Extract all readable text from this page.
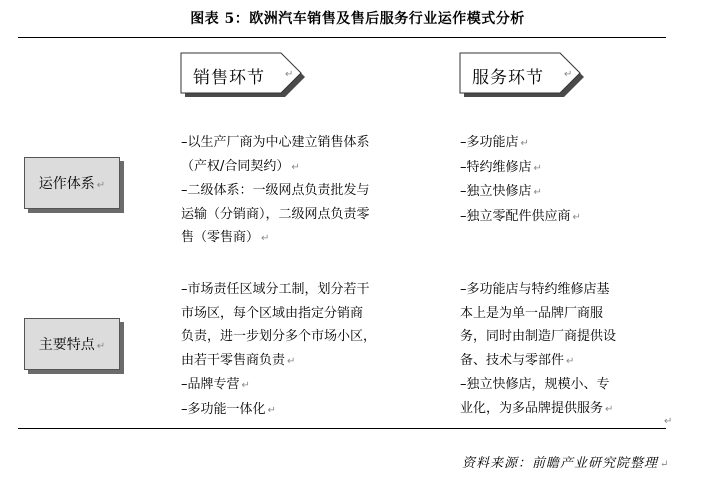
图表 5：欧洲汽车销售及售后服务行业运作模式分析
销售环节 ↵	服务环节 ↵
运作体系 ↵
主要特点 ↵
–以生产厂商为中心建立销售体系
（产权/合同契约） ↵
–二级体系：一级网点负责批发与
运输（分销商），二级网点负责零
售（零售商） ↵
–多功能店 ↵
–特约维修店 ↵
–独立快修店 ↵
–独立零配件供应商 ↵
–市场责任区域分工制，划分若干
市场区，每个区域由指定分销商
负责，进一步划分多个市场小区，
由若干零售商负责 ↵
–品牌专营 ↵
–多功能一体化 ↵
–多功能店与特约维修店基
本上是为单一品牌厂商服
务，同时由制造厂商提供设
备、技术与零部件 ↵
–独立快修店，规模小、专
业化，为多品牌提供服务 ↵
↵
资料来源：前瞻产业研究院整理 ↵
